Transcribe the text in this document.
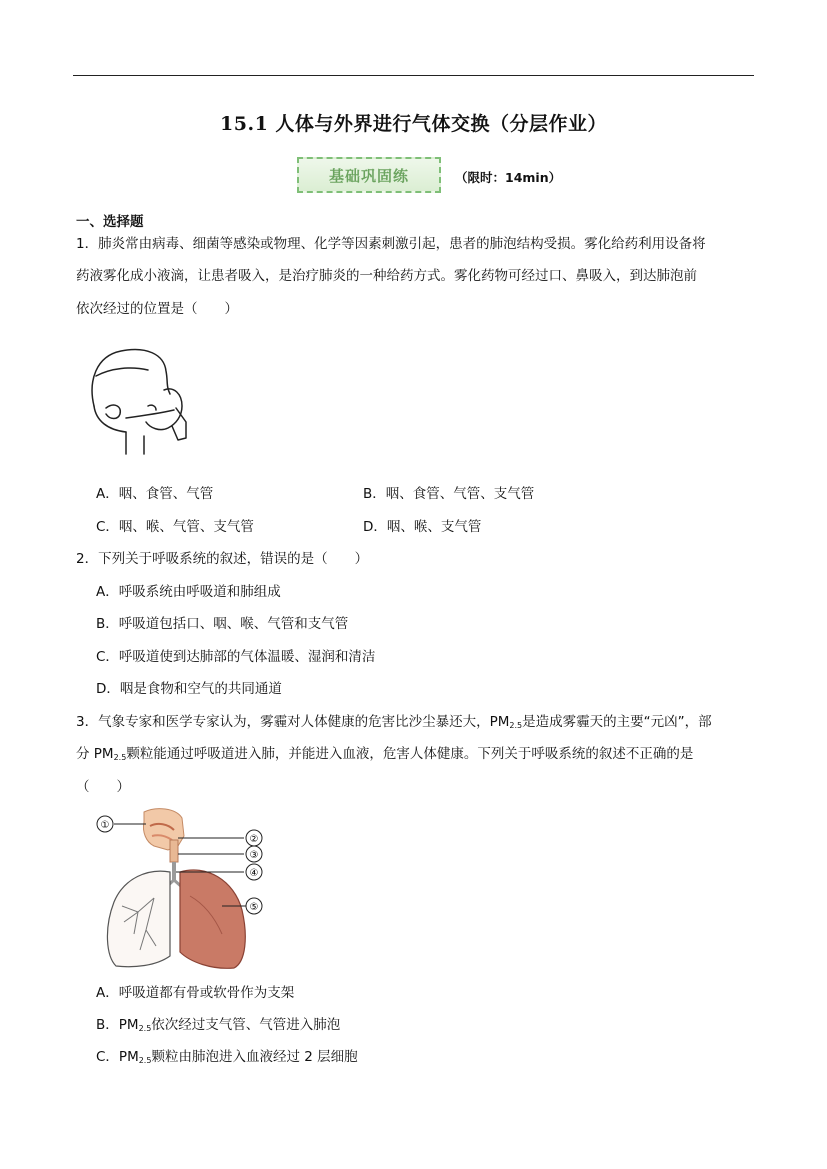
15.1 人体与外界进行气体交换（分层作业）
基础巩固练	（限时：14min）
一、选择题
1．肺炎常由病毒、细菌等感染或物理、化学等因素刺激引起，患者的肺泡结构受损。雾化给药利用设备将
药液雾化成小液滴，让患者吸入，是治疗肺炎的一种给药方式。雾化药物可经过口、鼻吸入，到达肺泡前
依次经过的位置是（　　）
A．咽、食管、气管	B．咽、食管、气管、支气管
C．咽、喉、气管、支气管	D．咽、喉、支气管
2．下列关于呼吸系统的叙述，错误的是（　　）
A．呼吸系统由呼吸道和肺组成
B．呼吸道包括口、咽、喉、气管和支气管
C．呼吸道使到达肺部的气体温暖、湿润和清洁
D．咽是食物和空气的共同通道
3．气象专家和医学专家认为，雾霾对人体健康的危害比沙尘暴还大，$PM_{2.5}$是造成雾霾天的主要“元凶”，部
分 $PM_{2.5}$颗粒能通过呼吸道进入肺，并能进入血液，危害人体健康。下列关于呼吸系统的叙述不正确的是
（　　）
①
②
③
④
⑤
A．呼吸道都有骨或软骨作为支架
B．$PM_{2.5}$依次经过支气管、气管进入肺泡
C．$PM_{2.5}$颗粒由肺泡进入血液经过 2 层细胞
